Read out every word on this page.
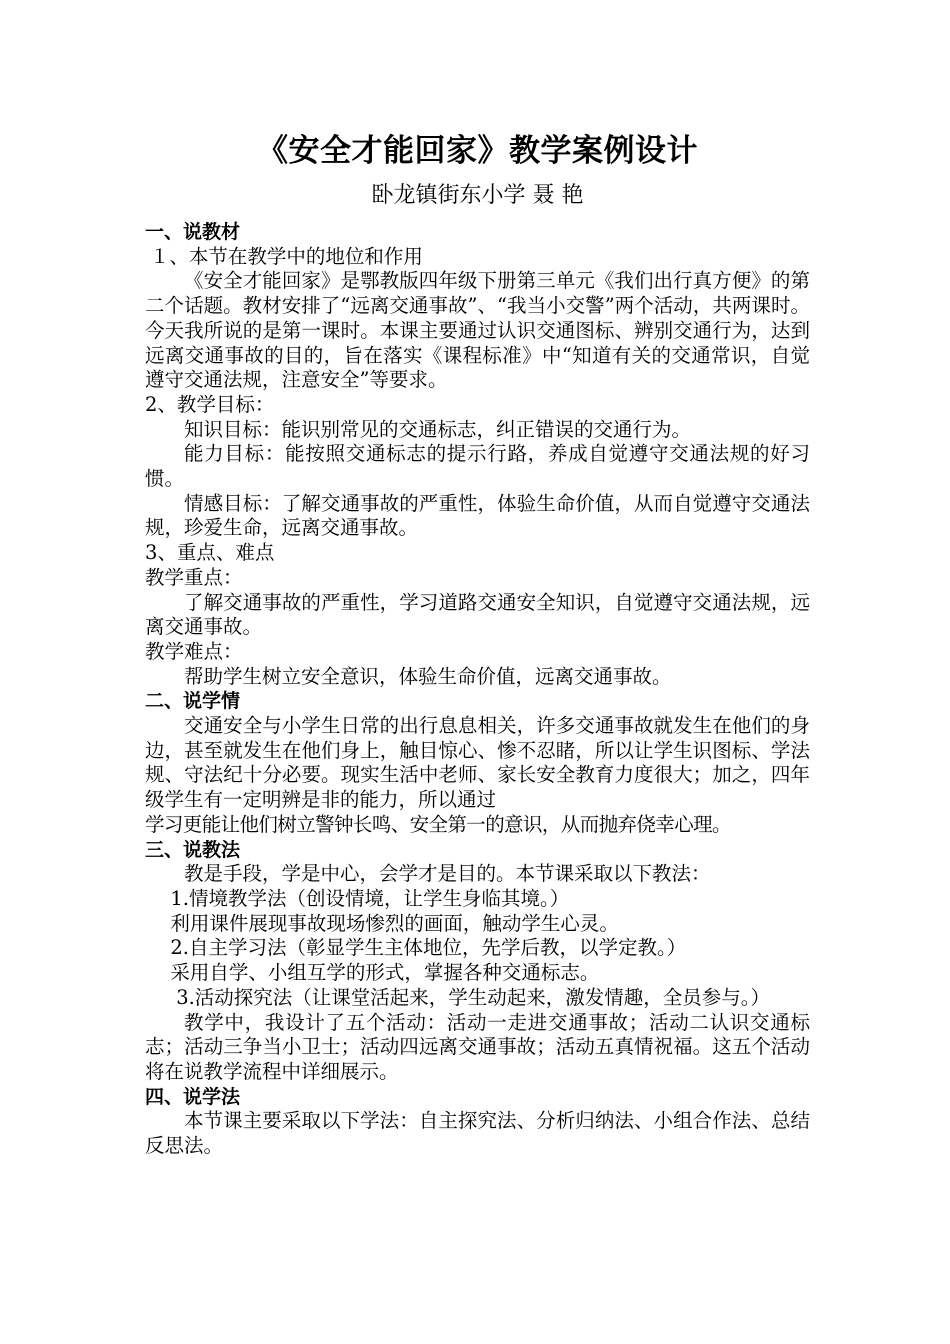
《安全才能回家》教学案例设计
卧龙镇街东小学 聂 艳
一、说教材
１、本节在教学中的地位和作用
《安全才能回家》是鄂教版四年级下册第三单元《我们出行真方便》的第二个话题。教材安排了“远离交通事故”、“我当小交警”两个活动，共两课时。今天我所说的是第一课时。本课主要通过认识交通图标、辨别交通行为，达到远离交通事故的目的，旨在落实《课程标准》中“知道有关的交通常识，自觉遵守交通法规，注意安全”等要求。
2、教学目标：
知识目标：能识别常见的交通标志，纠正错误的交通行为。
能力目标：能按照交通标志的提示行路，养成自觉遵守交通法规的好习惯。
情感目标：了解交通事故的严重性，体验生命价值，从而自觉遵守交通法规，珍爱生命，远离交通事故。
3、重点、难点
教学重点：
了解交通事故的严重性，学习道路交通安全知识，自觉遵守交通法规，远离交通事故。
教学难点：
帮助学生树立安全意识，体验生命价值，远离交通事故。
二、说学情
交通安全与小学生日常的出行息息相关，许多交通事故就发生在他们的身边，甚至就发生在他们身上，触目惊心、惨不忍睹，所以让学生识图标、学法规、守法纪十分必要。现实生活中老师、家长安全教育力度很大；加之，四年级学生有一定明辨是非的能力，所以通过
学习更能让他们树立警钟长鸣、安全第一的意识，从而抛弃侥幸心理。
三、说教法
教是手段，学是中心，会学才是目的。本节课采取以下教法：
1.情境教学法（创设情境，让学生身临其境。）
利用课件展现事故现场惨烈的画面，触动学生心灵。
2.自主学习法（彰显学生主体地位，先学后教，以学定教。）
采用自学、小组互学的形式，掌握各种交通标志。
3.活动探究法（让课堂活起来，学生动起来，激发情趣，全员参与。）
教学中，我设计了五个活动：活动一走进交通事故；活动二认识交通标志；活动三争当小卫士；活动四远离交通事故；活动五真情祝福。这五个活动将在说教学流程中详细展示。
四、说学法
本节课主要采取以下学法：自主探究法、分析归纳法、小组合作法、总结反思法。
